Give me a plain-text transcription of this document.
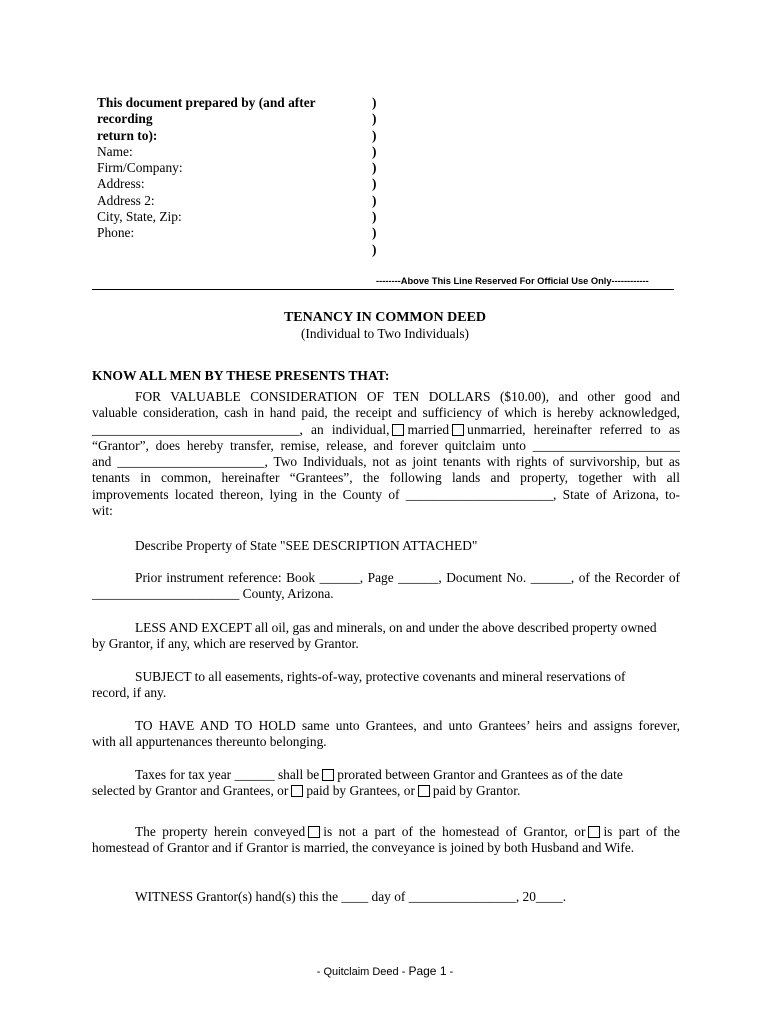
This document prepared by (and after recording
return to):
Name:
Firm/Company:
Address:
Address 2:
City, State, Zip:
Phone:
)
)
)
)
)
)
)
)
)
)
--------Above This Line Reserved For Official Use Only------------
TENANCY IN COMMON DEED
(Individual to Two Individuals)
KNOW ALL MEN BY THESE PRESENTS THAT:
FOR VALUABLE CONSIDERATION OF TEN DOLLARS ($10.00), and other good and
valuable consideration, cash in hand paid, the receipt and sufficiency of which is hereby acknowledged,
_______________________________, an individual, married unmarried, hereinafter referred to as
“Grantor”, does hereby transfer, remise, release, and forever quitclaim unto ______________________
and ______________________, Two Individuals, not as joint tenants with rights of survivorship, but as
tenants in common, hereinafter “Grantees”, the following lands and property, together with all
improvements located thereon, lying in the County of ______________________, State of Arizona, to-
wit:
Describe Property of State "SEE DESCRIPTION ATTACHED"
Prior instrument reference: Book ______, Page ______, Document No. ______, of the Recorder of
______________________ County, Arizona.
LESS AND EXCEPT all oil, gas and minerals, on and under the above described property owned
by Grantor, if any, which are reserved by Grantor.
SUBJECT to all easements, rights-of-way, protective covenants and mineral reservations of
record, if any.
TO HAVE AND TO HOLD same unto Grantees, and unto Grantees’ heirs and assigns forever,
with all appurtenances thereunto belonging.
Taxes for tax year ______ shall be prorated between Grantor and Grantees as of the date
selected by Grantor and Grantees, or paid by Grantees, or paid by Grantor.
The property herein conveyed is not a part of the homestead of Grantor, or is part of the
homestead of Grantor and if Grantor is married, the conveyance is joined by both Husband and Wife.
WITNESS Grantor(s) hand(s) this the ____ day of ________________, 20____.
- Quitclaim Deed - Page 1 -
